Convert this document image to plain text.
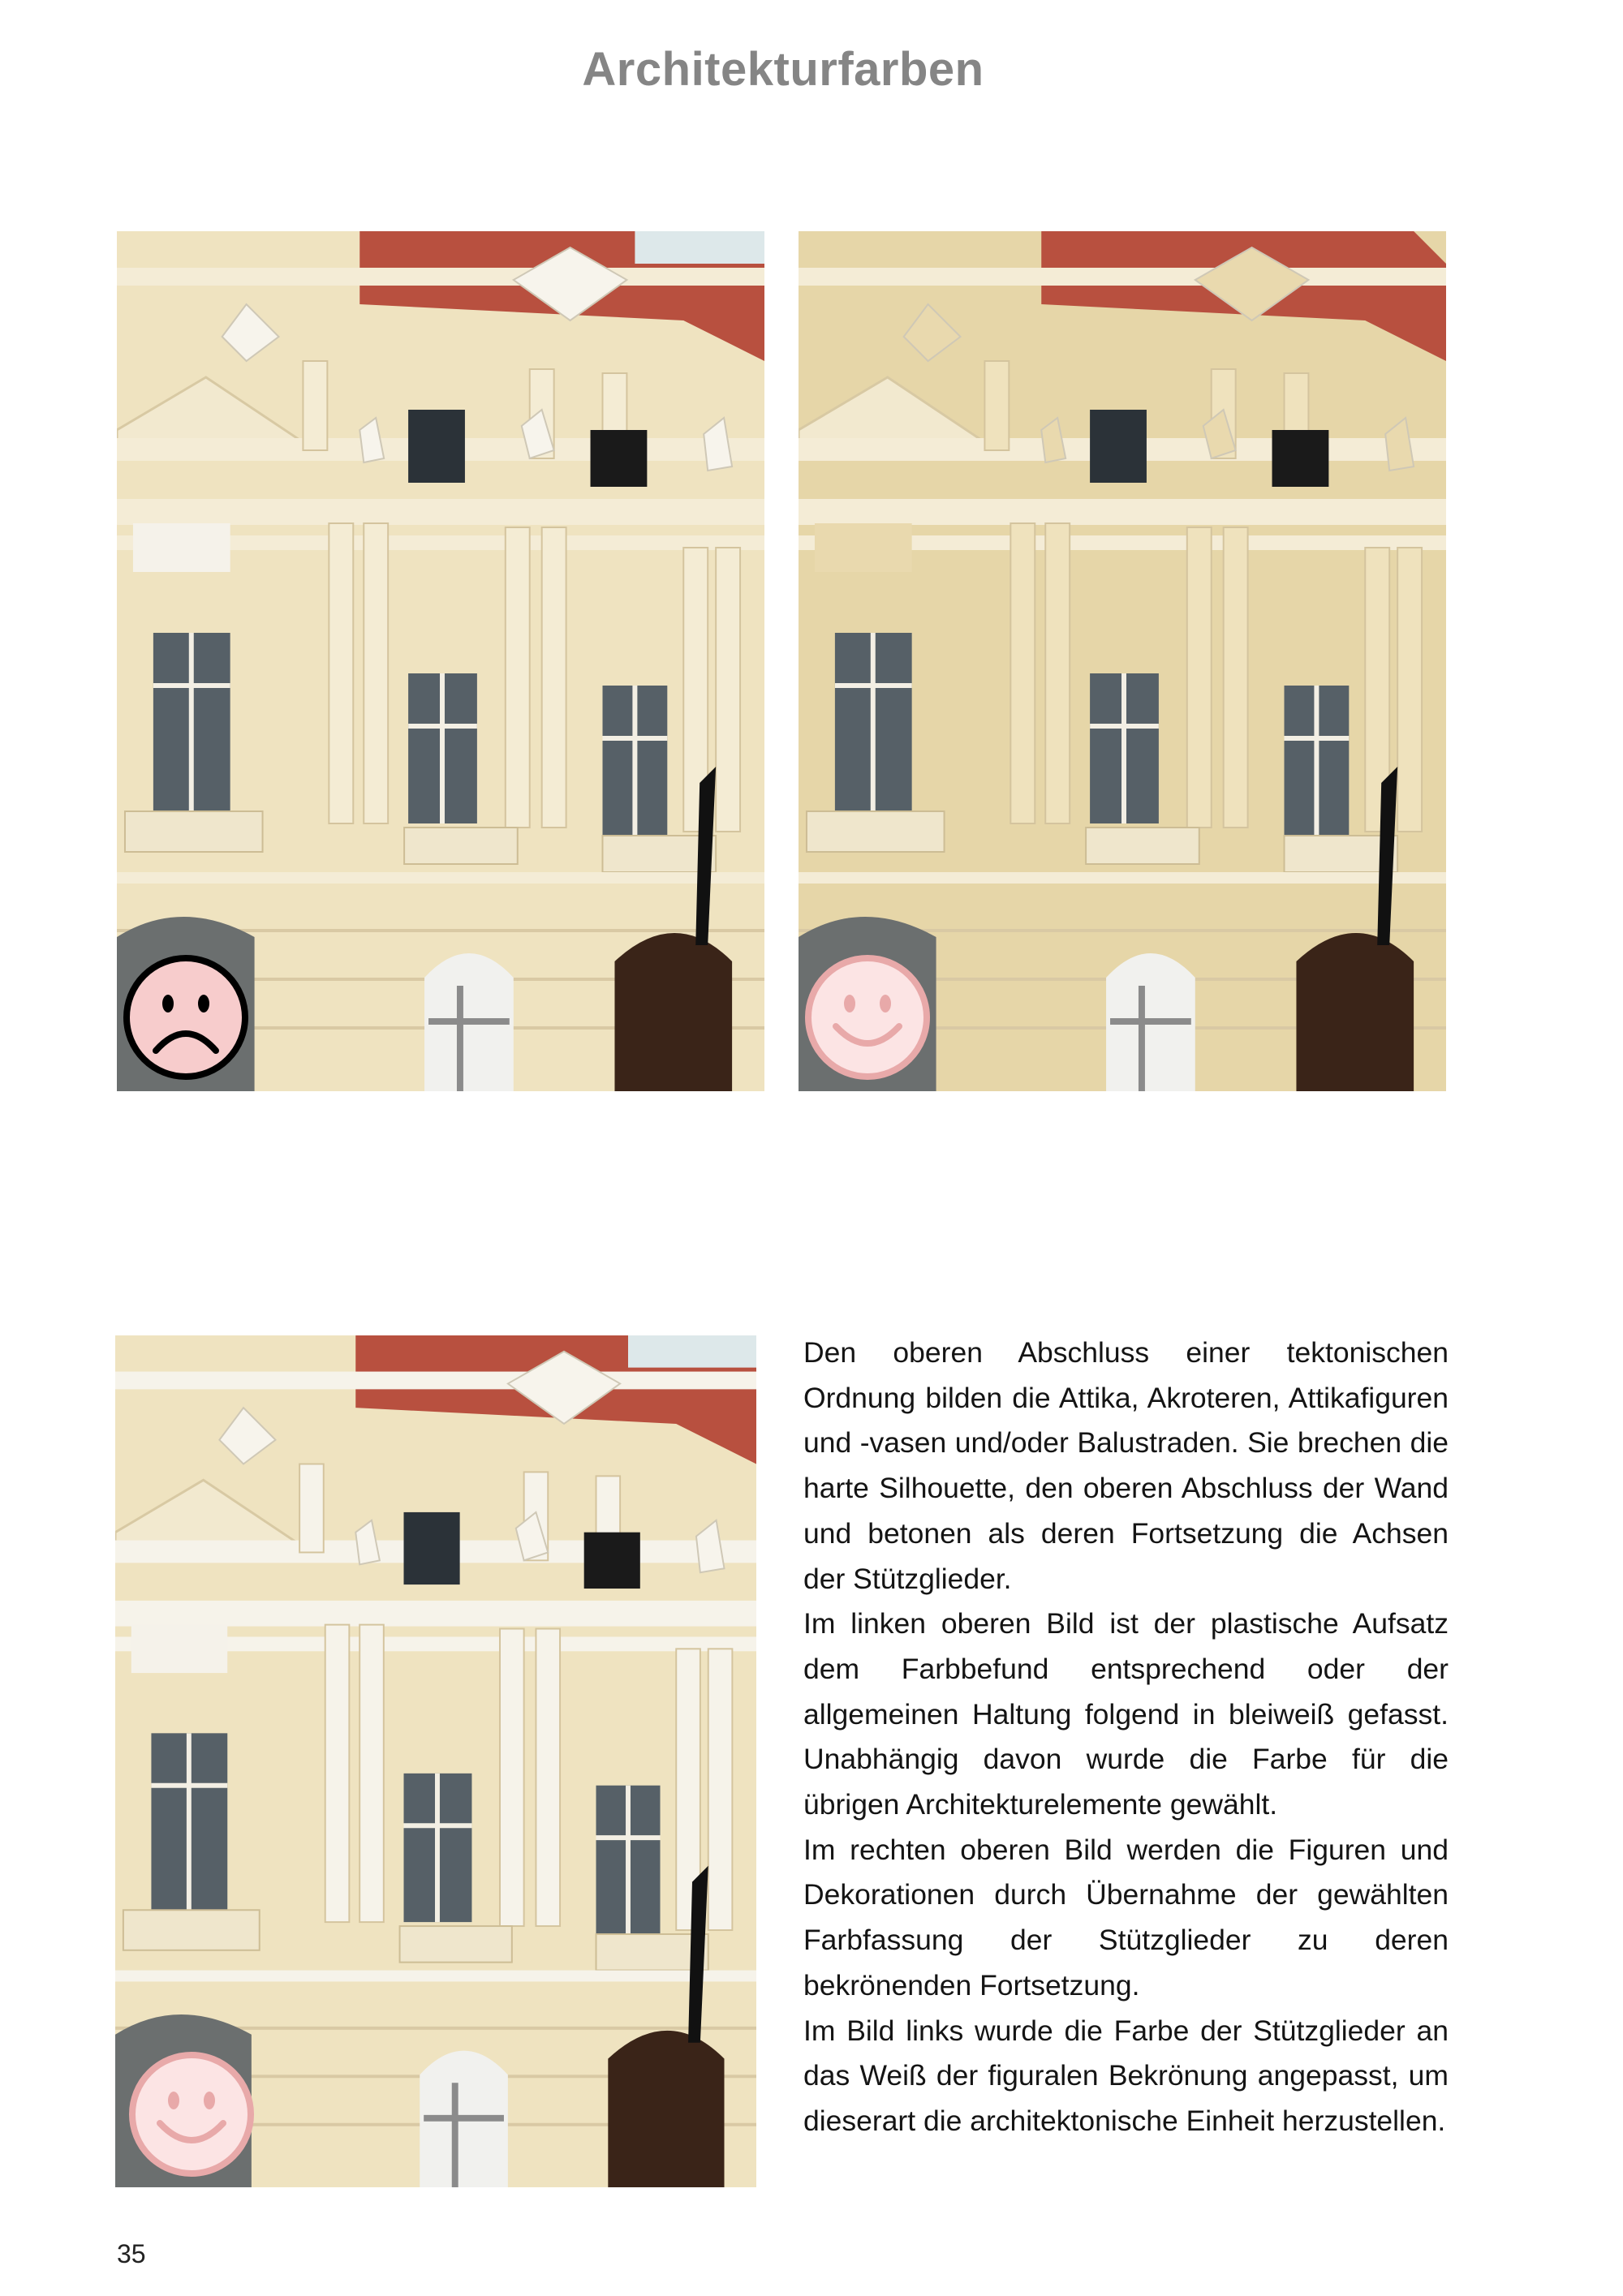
Architekturfarben

Den oberen Abschluss einer tektonischen Ordnung bilden die Attika, Akroteren, Attikafiguren und -vasen und/oder Balustraden. Sie brechen die harte Silhouette, den oberen Abschluss der Wand und betonen als deren Fortsetzung die Achsen der Stützglieder.

Im linken oberen Bild ist der plastische Aufsatz dem Farbbefund entsprechend oder der allgemeinen Haltung folgend in bleiweiß gefasst. Unabhängig davon wurde die Farbe für die übrigen Architekturelemente gewählt.

Im rechten oberen Bild werden die Figuren und Dekorationen durch Übernahme der gewählten Farbfassung der Stützglieder zu deren bekrönenden Fortsetzung.

Im Bild links wurde die Farbe der Stützglieder an das Weiß der figuralen Bekrönung angepasst, um dieserart die architektonische Einheit herzustellen.

35
